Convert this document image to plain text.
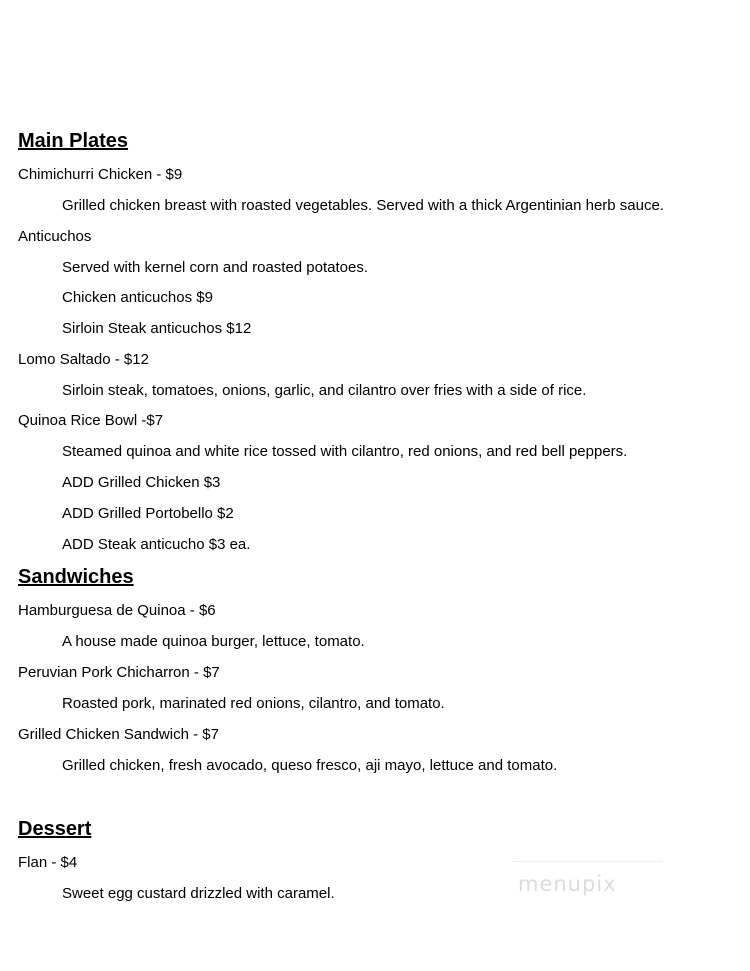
Main Plates
Chimichurri Chicken - $9
Grilled chicken breast with roasted vegetables. Served with a thick Argentinian herb sauce.
Anticuchos
Served with kernel corn and roasted potatoes.
Chicken anticuchos $9
Sirloin Steak anticuchos $12
Lomo Saltado - $12
Sirloin steak, tomatoes, onions, garlic, and cilantro over fries with a side of rice.
Quinoa Rice Bowl -$7
Steamed quinoa and white rice tossed with cilantro, red onions, and red bell peppers.
ADD Grilled Chicken $3
ADD Grilled Portobello $2
ADD Steak anticucho $3 ea.
Sandwiches
Hamburguesa de Quinoa - $6
A house made quinoa burger, lettuce, tomato.
Peruvian Pork Chicharron - $7
Roasted pork, marinated red onions, cilantro, and tomato.
Grilled Chicken Sandwich - $7
Grilled chicken, fresh avocado, queso fresco, aji mayo, lettuce and tomato.
Dessert
Flan - $4
Sweet egg custard drizzled with caramel.	menupix
